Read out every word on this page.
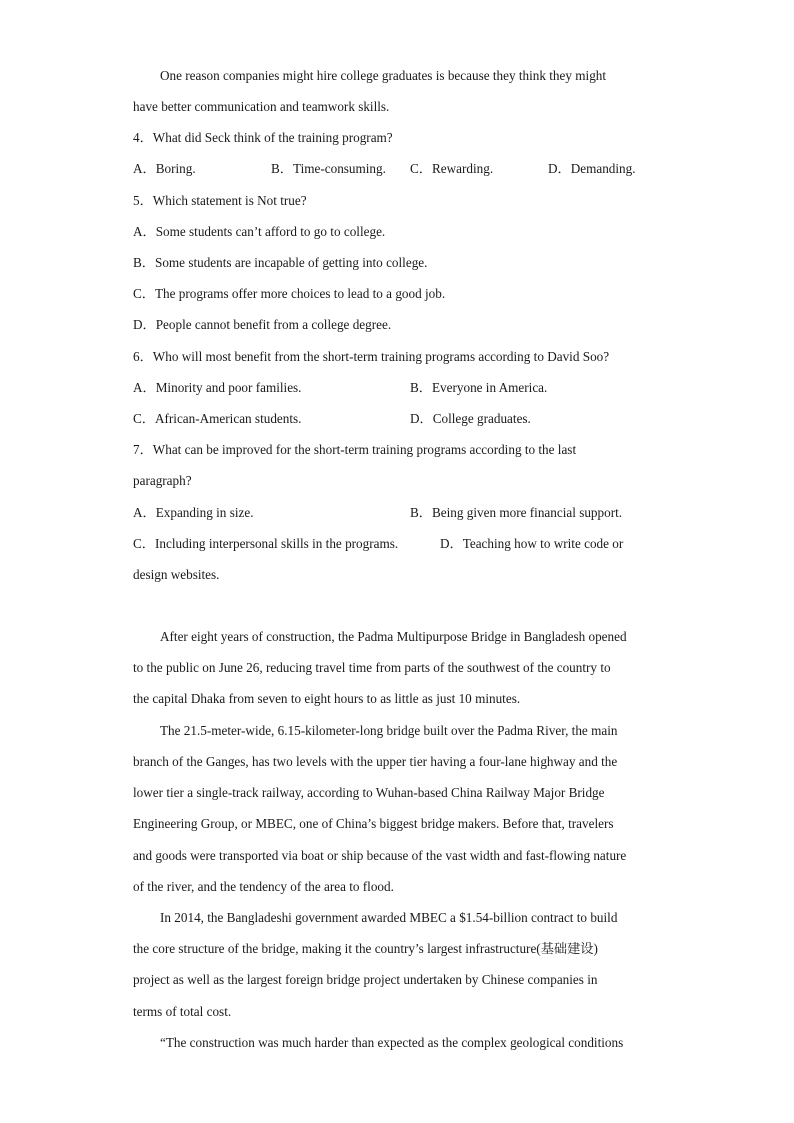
One reason companies might hire college graduates is because they think they might
have better communication and teamwork skills.
4．What did Seck think of the training program?
A．Boring.	B．Time-consuming. C．Rewarding.	D．Demanding.
5．Which statement is Not true?
A．Some students can’t afford to go to college.
B．Some students are incapable of getting into college.
C．The programs offer more choices to lead to a good job.
D．People cannot benefit from a college degree.
6．Who will most benefit from the short-term training programs according to David Soo?
A．Minority and poor families.	B．Everyone in America.
C．African-American students.	D．College graduates.
7．What can be improved for the short-term training programs according to the last
paragraph?
A．Expanding in size.	B．Being given more financial support.
C．Including interpersonal skills in the programs.	D．Teaching how to write code or
design websites.
After eight years of construction, the Padma Multipurpose Bridge in Bangladesh opened
to the public on June 26, reducing travel time from parts of the southwest of the country to
the capital Dhaka from seven to eight hours to as little as just 10 minutes.
The 21.5-meter-wide, 6.15-kilometer-long bridge built over the Padma River, the main
branch of the Ganges, has two levels with the upper tier having a four-lane highway and the
lower tier a single-track railway, according to Wuhan-based China Railway Major Bridge
Engineering Group, or MBEC, one of China’s biggest bridge makers. Before that, travelers
and goods were transported via boat or ship because of the vast width and fast-flowing nature
of the river, and the tendency of the area to flood.
In 2014, the Bangladeshi government awarded MBEC a $1.54-billion contract to build
the core structure of the bridge, making it the country’s largest infrastructure(基础建设)
project as well as the largest foreign bridge project undertaken by Chinese companies in
terms of total cost.
“The construction was much harder than expected as the complex geological conditions
